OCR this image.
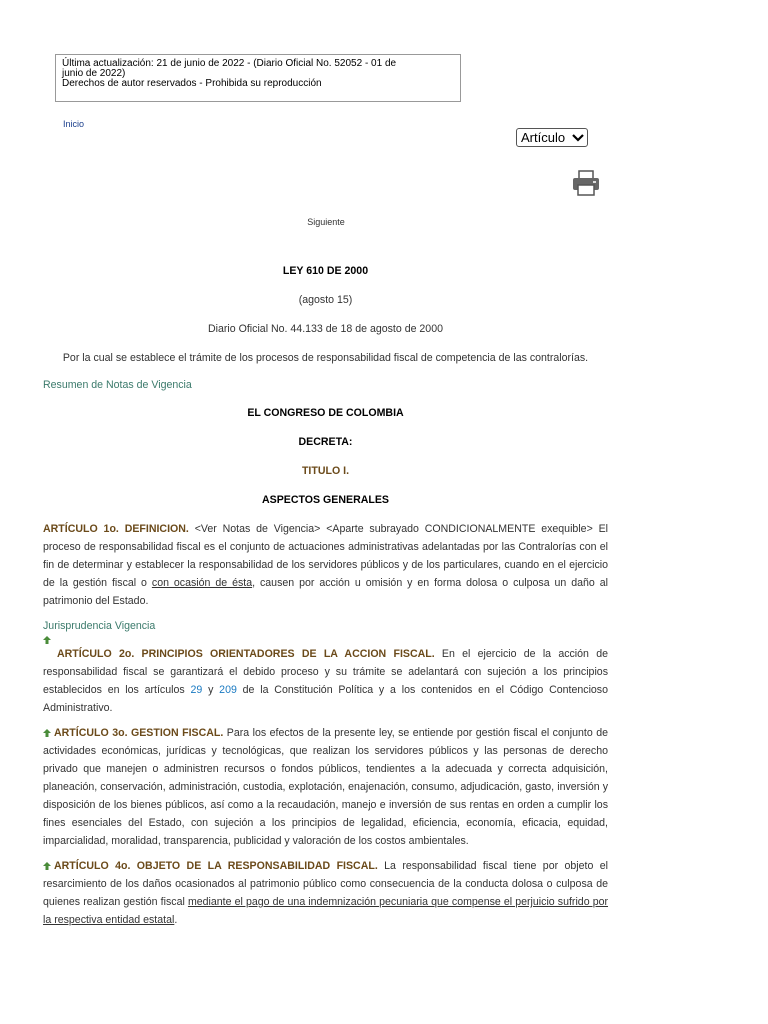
Última actualización: 21 de junio de 2022 - (Diario Oficial No. 52052 - 01 de
junio de 2022)
Derechos de autor reservados - Prohibida su reproducción
Inicio
Artículo
Siguiente

LEY 610 DE 2000

(agosto 15)

Diario Oficial No. 44.133 de 18 de agosto de 2000

Por la cual se establece el trámite de los procesos de responsabilidad fiscal de competencia de las contralorías.

Resumen de Notas de Vigencia

EL CONGRESO DE COLOMBIA

DECRETA:

TITULO I.

ASPECTOS GENERALES

ARTÍCULO 1o. DEFINICION. <Ver Notas de Vigencia> <Aparte subrayado CONDICIONALMENTE exequible> El proceso de responsabilidad fiscal es el conjunto de actuaciones administrativas adelantadas por las Contralorías con el fin de determinar y establecer la responsabilidad de los servidores públicos y de los particulares, cuando en el ejercicio de la gestión fiscal o con ocasión de ésta, causen por acción u omisión y en forma dolosa o culposa un daño al patrimonio del Estado.

Jurisprudencia Vigencia

ARTÍCULO 2o. PRINCIPIOS ORIENTADORES DE LA ACCION FISCAL. En el ejercicio de la acción de responsabilidad fiscal se garantizará el debido proceso y su trámite se adelantará con sujeción a los principios establecidos en los artículos 29 y 209 de la Constitución Política y a los contenidos en el Código Contencioso Administrativo.

ARTÍCULO 3o. GESTION FISCAL. Para los efectos de la presente ley, se entiende por gestión fiscal el conjunto de actividades económicas, jurídicas y tecnológicas, que realizan los servidores públicos y las personas de derecho privado que manejen o administren recursos o fondos públicos, tendientes a la adecuada y correcta adquisición, planeación, conservación, administración, custodia, explotación, enajenación, consumo, adjudicación, gasto, inversión y disposición de los bienes públicos, así como a la recaudación, manejo e inversión de sus rentas en orden a cumplir los fines esenciales del Estado, con sujeción a los principios de legalidad, eficiencia, economía, eficacia, equidad, imparcialidad, moralidad, transparencia, publicidad y valoración de los costos ambientales.

ARTÍCULO 4o. OBJETO DE LA RESPONSABILIDAD FISCAL. La responsabilidad fiscal tiene por objeto el resarcimiento de los daños ocasionados al patrimonio público como consecuencia de la conducta dolosa o culposa de quienes realizan gestión fiscal mediante el pago de una indemnización pecuniaria que compense el perjuicio sufrido por la respectiva entidad estatal.
